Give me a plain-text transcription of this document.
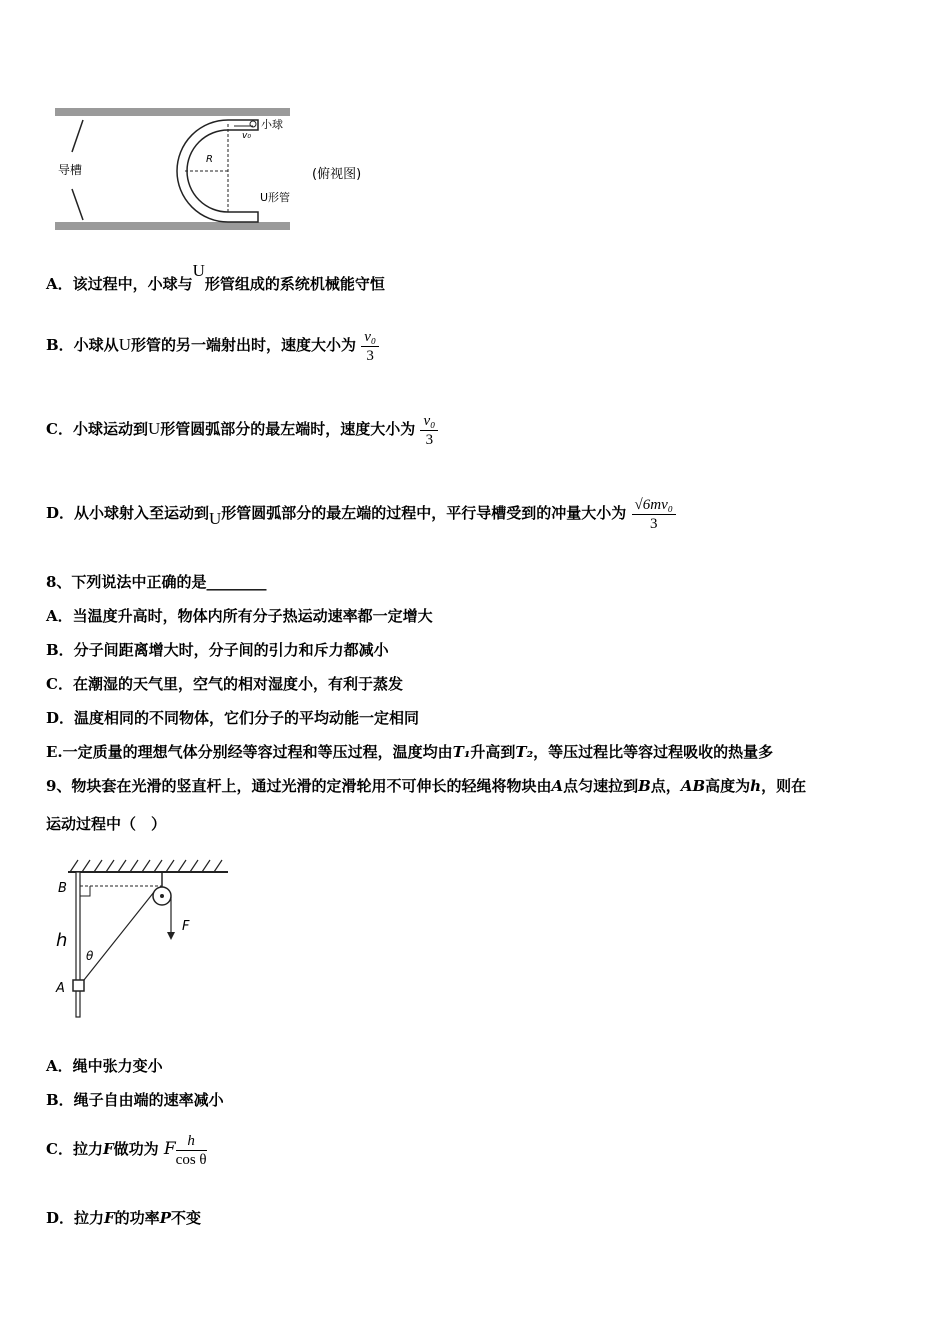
导槽
R
v₀
小球
U形管
(俯视图)
A．该过程中，小球与U形管组成的系统机械能守恒
B．小球从U形管的另一端射出时，速度大小为 $\frac{\text{v₀}}{3}$
C．小球运动到U形管圆弧部分的最左端时，速度大小为 $\frac{\text{v₀}}{3}$
D．从小球射入至运动到U形管圆弧部分的最左端的过程中，平行导槽受到的冲量大小为 $\frac{\text{√6mv₀}}{3}$
8、下列说法中正确的是________
A．当温度升高时，物体内所有分子热运动速率都一定增大
B．分子间距离增大时，分子间的引力和斥力都减小
C．在潮湿的天气里，空气的相对湿度小，有利于蒸发
D．温度相同的不同物体，它们分子的平均动能一定相同
E.一定质量的理想气体分别经等容过程和等压过程，温度均由T₁升高到T₂，等压过程比等容过程吸收的热量多
9、物块套在光滑的竖直杆上，通过光滑的定滑轮用不可伸长的轻绳将物块由A点匀速拉到B点，AB高度为h，则在
运动过程中（　）
B
h
θ
A
F
A．绳中张力变小
B．绳子自由端的速率减小
C．拉力F做功为 F $\frac{h}{\text{cos θ}}$
D．拉力F的功率P不变
